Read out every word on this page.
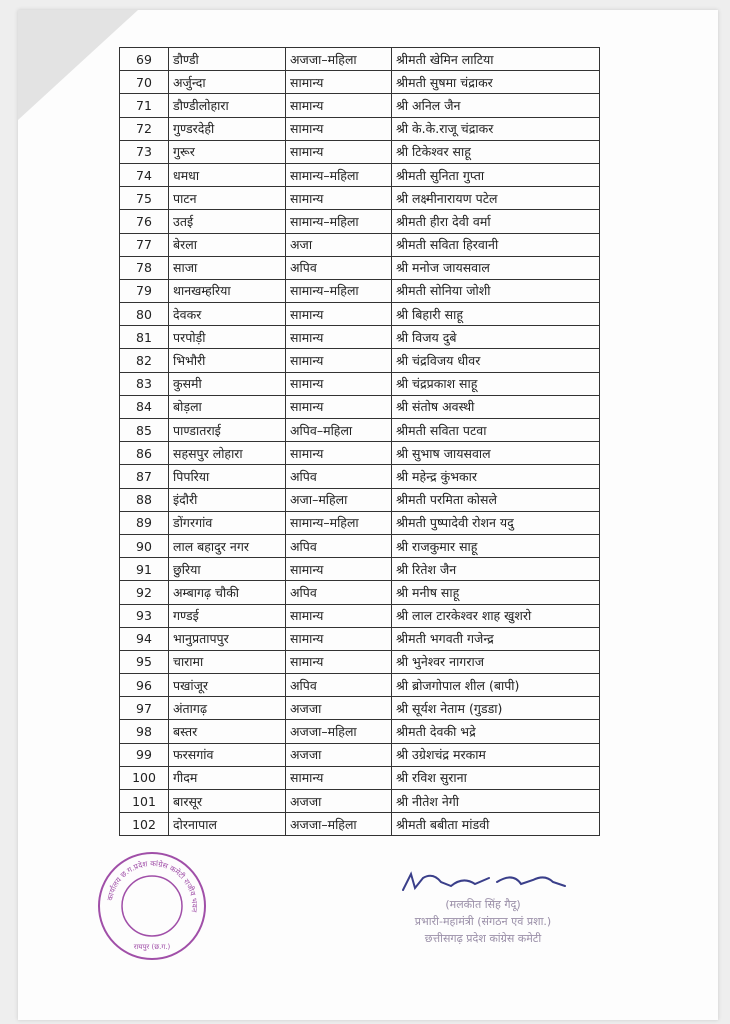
69	डौण्डी	अजजा–महिला	श्रीमती खेमिन लाटिया
70	अर्जुन्दा	सामान्य	श्रीमती सुषमा चंद्राकर
71	डौण्डीलोहारा	सामान्य	श्री अनिल जैन
72	गुण्डरदेही	सामान्य	श्री के.के.राजू चंद्राकर
73	गुरूर	सामान्य	श्री टिकेश्वर साहू
74	धमधा	सामान्य–महिला	श्रीमती सुनिता गुप्ता
75	पाटन	सामान्य	श्री लक्ष्मीनारायण पटेल
76	उतई	सामान्य–महिला	श्रीमती हीरा देवी वर्मा
77	बेरला	अजा	श्रीमती सविता हिरवानी
78	साजा	अपिव	श्री मनोज जायसवाल
79	थानखम्हरिया	सामान्य–महिला	श्रीमती सोनिया जोशी
80	देवकर	सामान्य	श्री बिहारी साहू
81	परपोड़ी	सामान्य	श्री विजय दुबे
82	भिभौरी	सामान्य	श्री चंद्रविजय धीवर
83	कुसमी	सामान्य	श्री चंद्रप्रकाश साहू
84	बोड़ला	सामान्य	श्री संतोष अवस्थी
85	पाण्डातराई	अपिव–महिला	श्रीमती सविता पटवा
86	सहसपुर लोहारा	सामान्य	श्री सुभाष जायसवाल
87	पिपरिया	अपिव	श्री महेन्द्र कुंभकार
88	इंदौरी	अजा–महिला	श्रीमती परमिता कोसले
89	डोंगरगांव	सामान्य–महिला	श्रीमती पुष्पादेवी रोशन यदु
90	लाल बहादुर नगर	अपिव	श्री राजकुमार साहू
91	छुरिया	सामान्य	श्री रितेश जैन
92	अम्बागढ़ चौकी	अपिव	श्री मनीष साहू
93	गण्डई	सामान्य	श्री लाल टारकेश्वर शाह खुशरो
94	भानुप्रतापपुर	सामान्य	श्रीमती भगवती गजेन्द्र
95	चारामा	सामान्य	श्री भुनेश्वर नागराज
96	पखांजूर	अपिव	श्री ब्रोजगोपाल शील (बापी)
97	अंतागढ़	अजजा	श्री सूर्यश नेताम (गुडडा)
98	बस्तर	अजजा–महिला	श्रीमती देवकी भद्रे
99	फरसगांव	अजजा	श्री उग्रेशचंद्र मरकाम
100	गीदम	सामान्य	श्री रविश सुराना
101	बारसूर	अजजा	श्री नीतेश नेगी
102	दोरनापाल	अजजा–महिला	श्रीमती बबीता मांडवी
कार्यालय छ.ग.प्रदेश कांग्रेस कमेटी राजीव भवन
रायपुर (छ.ग.)
(मलकीत सिंह गैदू)
प्रभारी-महामंत्री (संगठन एवं प्रशा.)
छत्तीसगढ़ प्रदेश कांग्रेस कमेटी
